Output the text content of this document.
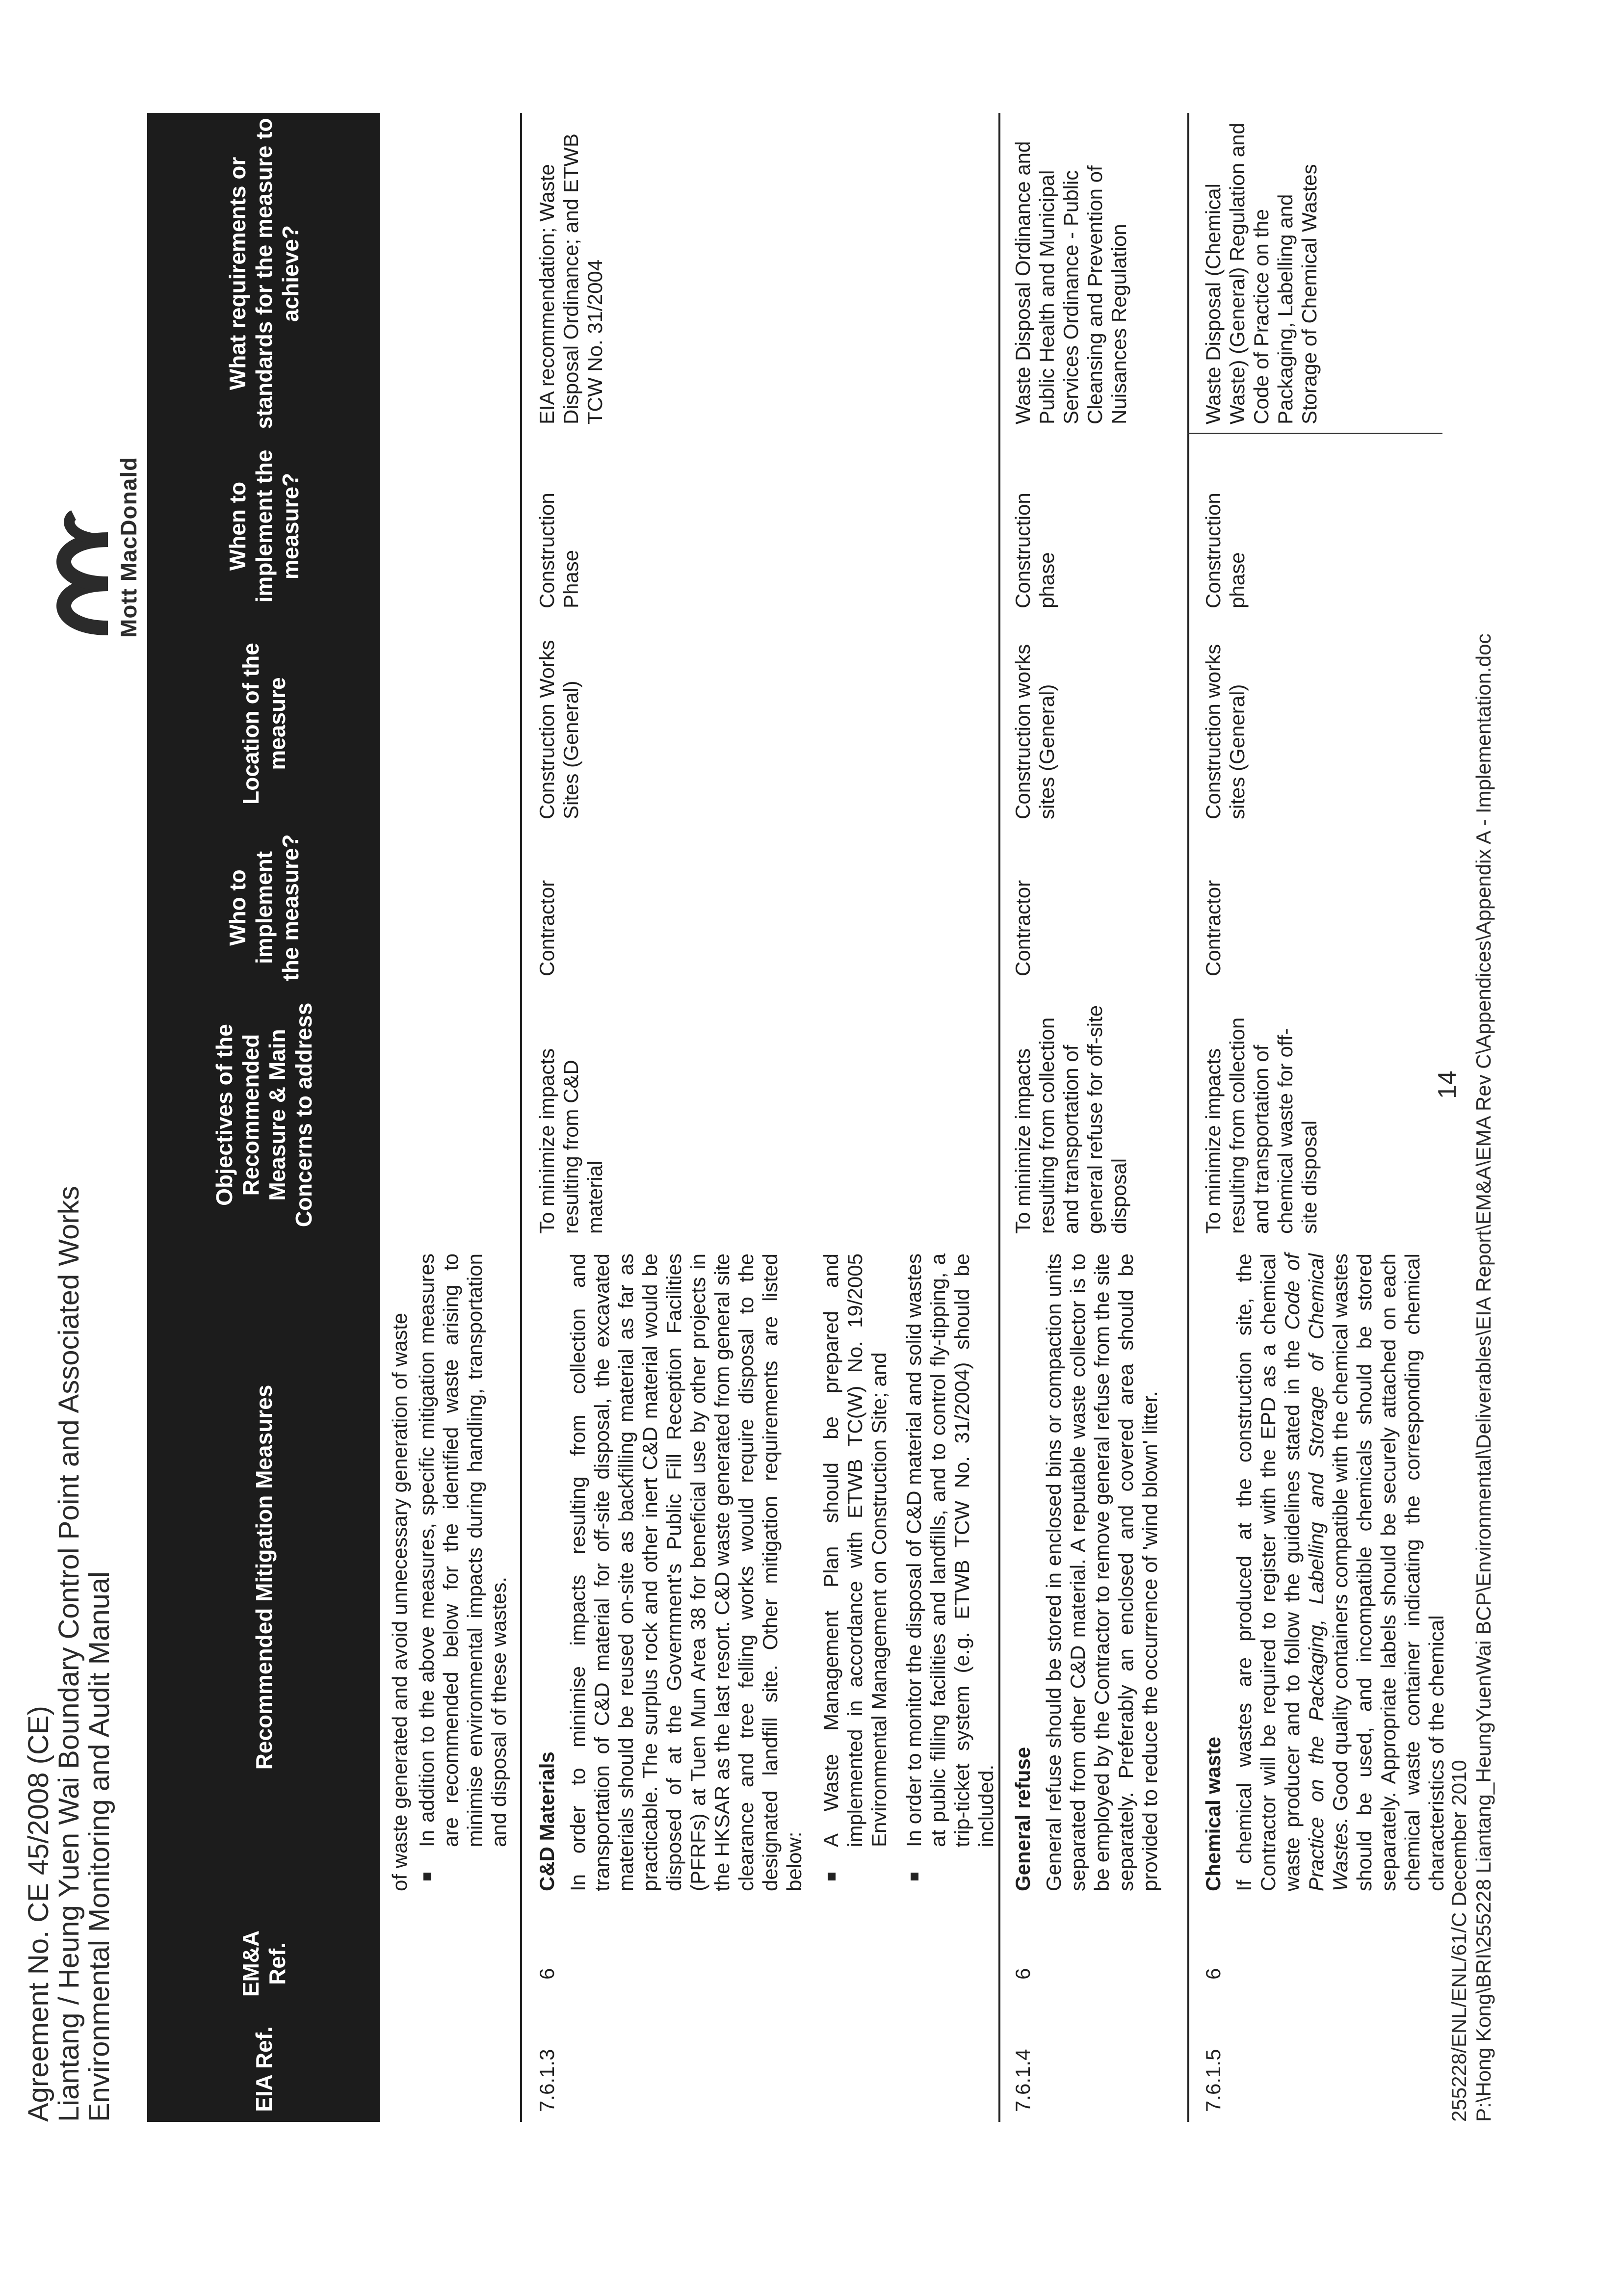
Agreement No. CE 45/2008 (CE)
Liantang / Heung Yuen Wai Boundary Control Point and Associated Works
Environmental Monitoring and Audit Manual
Mott MacDonald
EIA Ref.
EM&A Ref.
Recommended Mitigation Measures
Objectives of the Recommended Measure & Main Concerns to address
Who to implement the measure?
Location of the measure
When to implement the measure?
What requirements or standards for the measure to achieve?
of waste generated and avoid unnecessary generation of waste In addition to the above measures, specific mitigation measures are recommended below for the identified waste arising to minimise environmental impacts during handling, transportation and disposal of these wastes.

7.6.1.3
6

C&D Materials In order to minimise impacts resulting from collection and transportation of C&D material for off-site disposal, the excavated materials should be reused on-site as backfilling material as far as practicable. The surplus rock and other inert C&D material would be disposed of at the Government's Public Fill Reception Facilities (PFRFs) at Tuen Mun Area 38 for beneficial use by other projects in the HKSAR as the last resort. C&D waste generated from general site clearance and tree felling works would require disposal to the designated landfill site. Other mitigation requirements are listed below:

A Waste Management Plan should be prepared and implemented in accordance with ETWB TC(W) No. 19/2005 Environmental Management on Construction Site; and In order to monitor the disposal of C&D material and solid wastes at public filling facilities and landfills, and to control fly-tipping, a trip-ticket system (e.g. ETWB TCW No. 31/2004) should be included.

To minimize impacts resulting from C&D material
Contractor
Construction Works Sites (General)
Construction Phase
EIA recommendation; Waste Disposal Ordinance; and ETWB TCW No. 31/2004
7.6.1.4
6

General refuse General refuse should be stored in enclosed bins or compaction units separated from other C&D material. A reputable waste collector is to be employed by the Contractor to remove general refuse from the site separately. Preferably an enclosed and covered area should be provided to reduce the occurrence of 'wind blown' litter.

To minimize impacts resulting from collection and transportation of general refuse for off-site disposal
Contractor
Construction works sites (General)
Construction phase
Waste Disposal Ordinance and Public Health and Municipal Services Ordinance - Public Cleansing and Prevention of Nuisances Regulation
7.6.1.5
6

Chemical waste If chemical wastes are produced at the construction site, the Contractor will be required to register with the EPD as a chemical waste producer and to follow the guidelines stated in the Code of Practice on the Packaging, Labelling and Storage of Chemical Wastes. Good quality containers compatible with the chemical wastes should be used, and incompatible chemicals should be stored separately. Appropriate labels should be securely attached on each chemical waste container indicating the corresponding chemical characteristics of the chemical

To minimize impacts resulting from collection and transportation of chemical waste for off-site disposal
Contractor
Construction works sites (General)
Construction phase
Waste Disposal (Chemical Waste) (General) Regulation and Code of Practice on the Packaging, Labelling and Storage of Chemical Wastes
255228/ENL/ENL/61/C December 2010 P:\Hong Kong\BRI\255228 Liantang_HeungYuenWai BCP\Environmental\Deliverables\EIA Report\EM&A\EMA Rev C\Appendices\Appendix A - Implementation.doc
14
